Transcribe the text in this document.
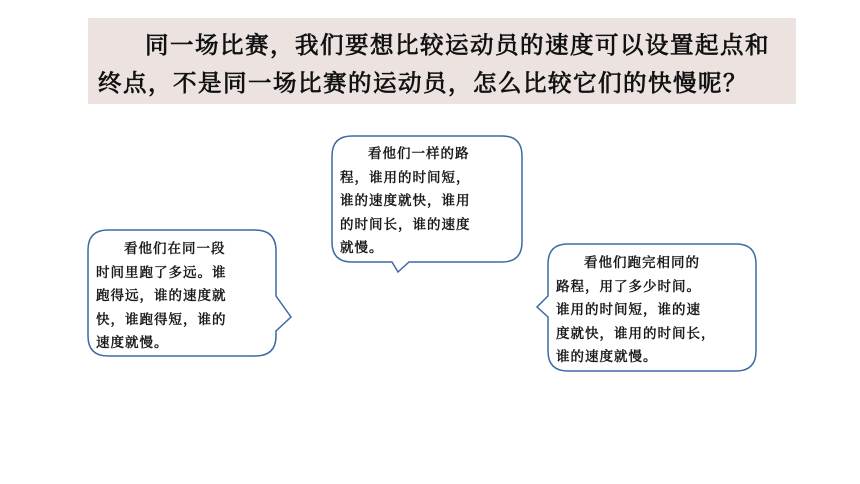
同一场比赛，我们要想比较运动员的速度可以设置起点和
终点，不是同一场比赛的运动员，怎么比较它们的快慢呢？
看他们在同一段
时间里跑了多远。谁
跑得远，谁的速度就
快，谁跑得短，谁的
速度就慢。
看他们一样的路
程，谁用的时间短，
谁的速度就快，谁用
的时间长，谁的速度
就慢。
看他们跑完相同的
路程，用了多少时间。
谁用的时间短，谁的速
度就快，谁用的时间长，
谁的速度就慢。
